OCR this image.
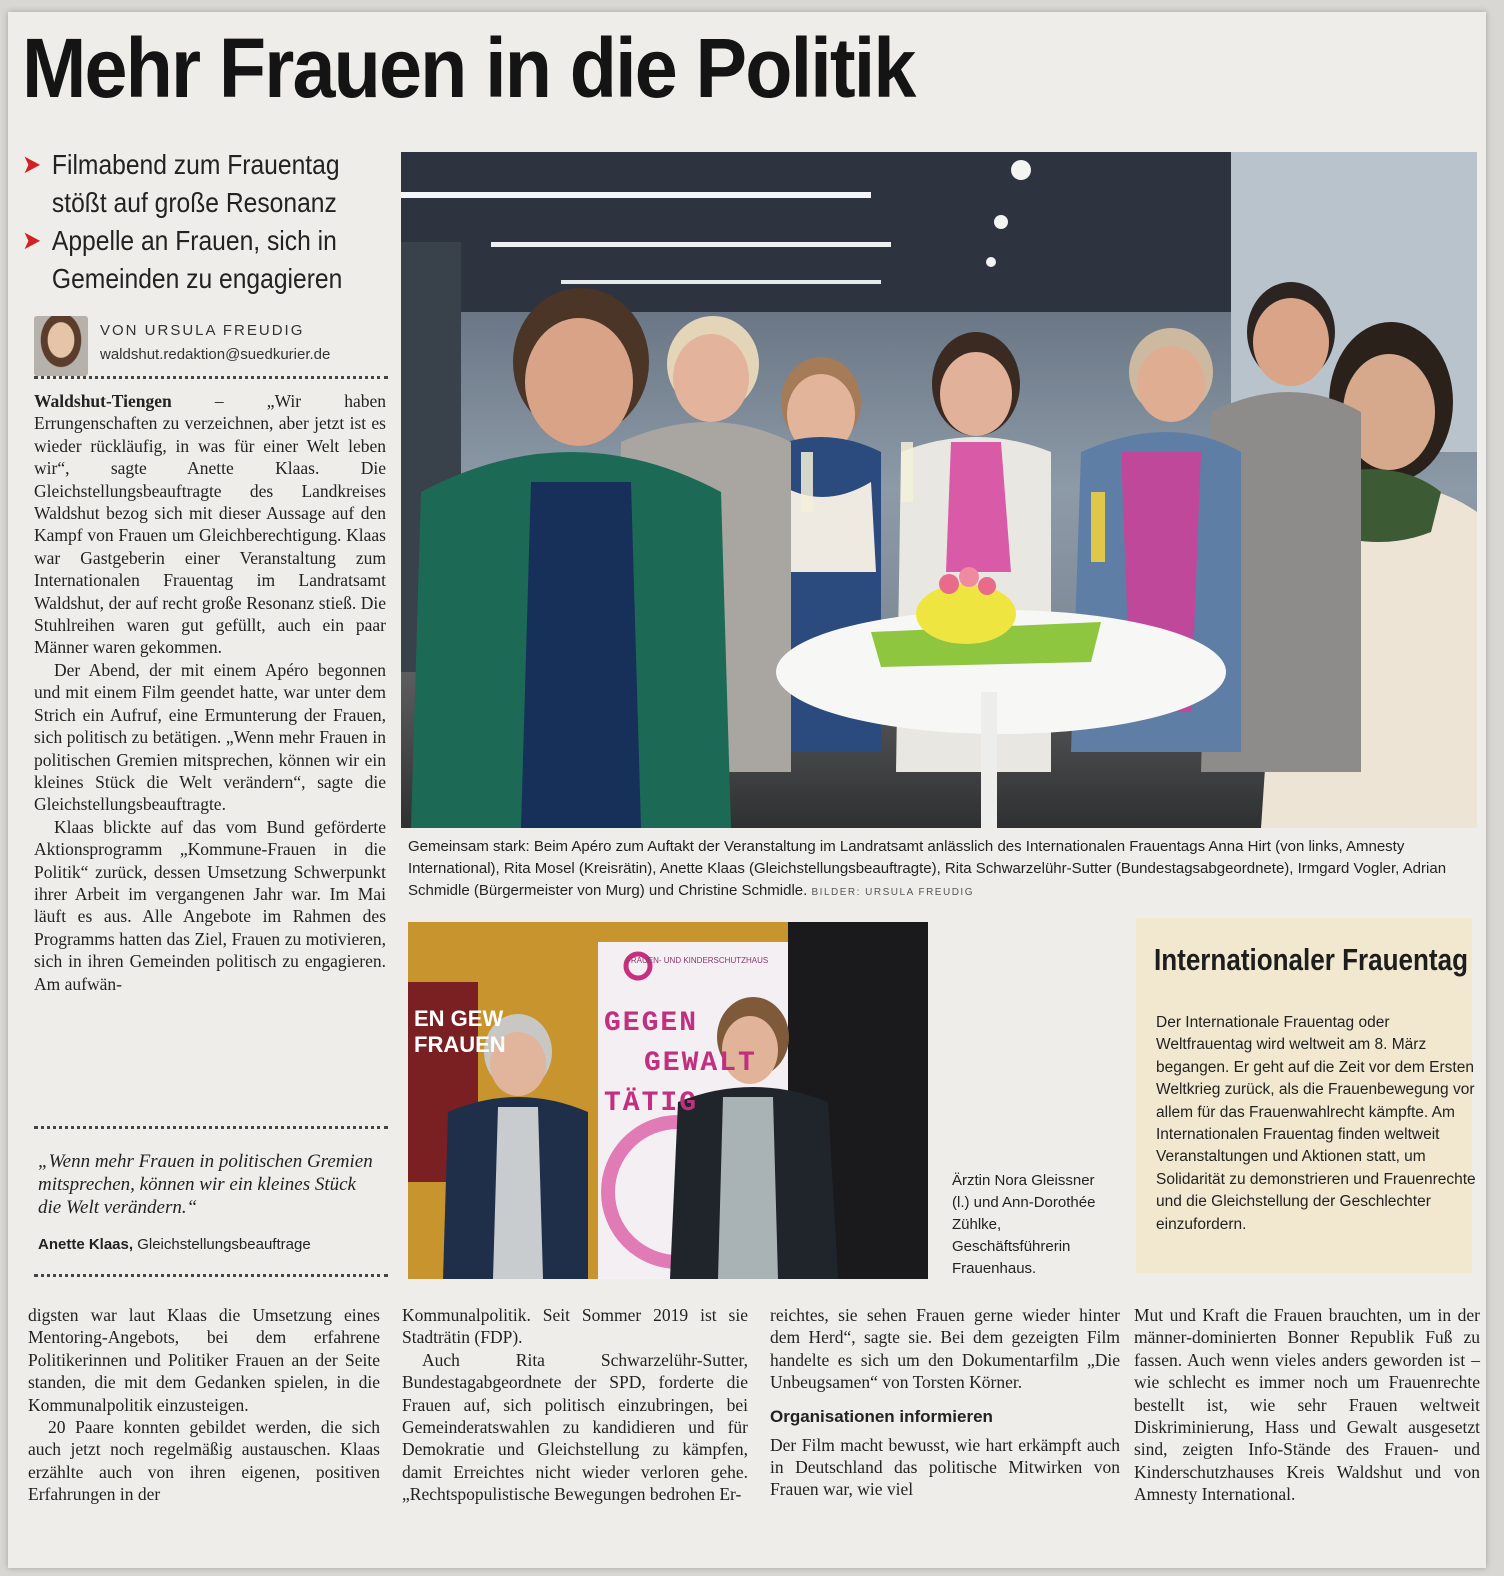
Mehr Frauen in die Politik
➤ Filmabend zum Frauentag
stößt auf große Resonanz
➤ Appelle an Frauen, sich in
Gemeinden zu engagieren
VON URSULA FREUDIG
waldshut.redaktion@suedkurier.de

Waldshut-Tiengen – „Wir haben Errungenschaften zu verzeichnen, aber jetzt ist es wieder rückläufig, in was für einer Welt leben wir“, sagte Anette Klaas. Die Gleichstellungsbeauftragte des Landkreises Waldshut bezog sich mit dieser Aussage auf den Kampf von Frauen um Gleichberechtigung. Klaas war Gastgeberin einer Veranstaltung zum Internationalen Frauentag im Landratsamt Waldshut, der auf recht große Resonanz stieß. Die Stuhlreihen waren gut gefüllt, auch ein paar Männer waren gekommen.

Der Abend, der mit einem Apéro begonnen und mit einem Film geendet hatte, war unter dem Strich ein Aufruf, eine Ermunterung der Frauen, sich politisch zu betätigen. „Wenn mehr Frauen in politischen Gremien mitsprechen, können wir ein kleines Stück die Welt verändern“, sagte die Gleichstellungsbeauftragte.

Klaas blickte auf das vom Bund geförderte Aktionsprogramm „Kommune-Frauen in die Politik“ zurück, dessen Umsetzung Schwerpunkt ihrer Arbeit im vergangenen Jahr war. Im Mai läuft es aus. Alle Angebote im Rahmen des Programms hatten das Ziel, Frauen zu motivieren, sich in ihren Gemeinden politisch zu engagieren. Am aufwän-

„Wenn mehr Frauen in politischen Gremien mitsprechen, können wir ein kleines Stück die Welt verändern.“
Anette Klaas, Gleichstellungsbeauftrage
Gemeinsam stark: Beim Apéro zum Auftakt der Veranstaltung im Landratsamt anlässlich des Internationalen Frauentags Anna Hirt (von links, Amnesty International), Rita Mosel (Kreisrätin), Anette Klaas (Gleichstellungsbeauftragte), Rita Schwarzelühr-Sutter (Bundestagsabgeordnete), Irmgard Vogler, Adrian Schmidle (Bürgermeister von Murg) und Christine Schmidle. BILDER: URSULA FREUDIG
EN GEW FRAUEN
FRAUEN- UND KINDERSCHUTZHAUS
GEGEN
GEWALT
TÄTIG
Ärztin Nora Gleissner (l.) und Ann-Dorothée Zühlke, Geschäftsführerin Frauenhaus.
Internationaler Frauentag
Der Internationale Frauentag oder Weltfrauentag wird weltweit am 8. März begangen. Er geht auf die Zeit vor dem Ersten Weltkrieg zurück, als die Frauenbewegung vor allem für das Frauenwahlrecht kämpfte. Am Internationalen Frauentag finden weltweit Veranstaltungen und Aktionen statt, um Solidarität zu demonstrieren und Frauenrechte und die Gleichstellung der Geschlechter einzufordern.

digsten war laut Klaas die Umsetzung eines Mentoring-Angebots, bei dem erfahrene Politikerinnen und Politiker Frauen an der Seite standen, die mit dem Gedanken spielen, in die Kommunalpolitik einzusteigen.

20 Paare konnten gebildet werden, die sich auch jetzt noch regelmäßig austauschen. Klaas erzählte auch von ihren eigenen, positiven Erfahrungen in der

Kommunalpolitik. Seit Sommer 2019 ist sie Stadträtin (FDP).

Auch Rita Schwarzelühr-Sutter, Bundestagabgeordnete der SPD, forderte die Frauen auf, sich politisch einzubringen, bei Gemeinderatswahlen zu kandidieren und für Demokratie und Gleichstellung zu kämpfen, damit Erreichtes nicht wieder verloren gehe. „Rechtspopulistische Bewegungen bedrohen Er-

reichtes, sie sehen Frauen gerne wieder hinter dem Herd“, sagte sie. Bei dem gezeigten Film handelte es sich um den Dokumentarfilm „Die Unbeugsamen“ von Torsten Körner.

Organisationen informieren

Der Film macht bewusst, wie hart erkämpft auch in Deutschland das politische Mitwirken von Frauen war, wie viel

Mut und Kraft die Frauen brauchten, um in der männer-dominierten Bonner Republik Fuß zu fassen. Auch wenn vieles anders geworden ist – wie schlecht es immer noch um Frauenrechte bestellt ist, wie sehr Frauen weltweit Diskriminierung, Hass und Gewalt ausgesetzt sind, zeigten Info-Stände des Frauen- und Kinderschutzhauses Kreis Waldshut und von Amnesty International.
